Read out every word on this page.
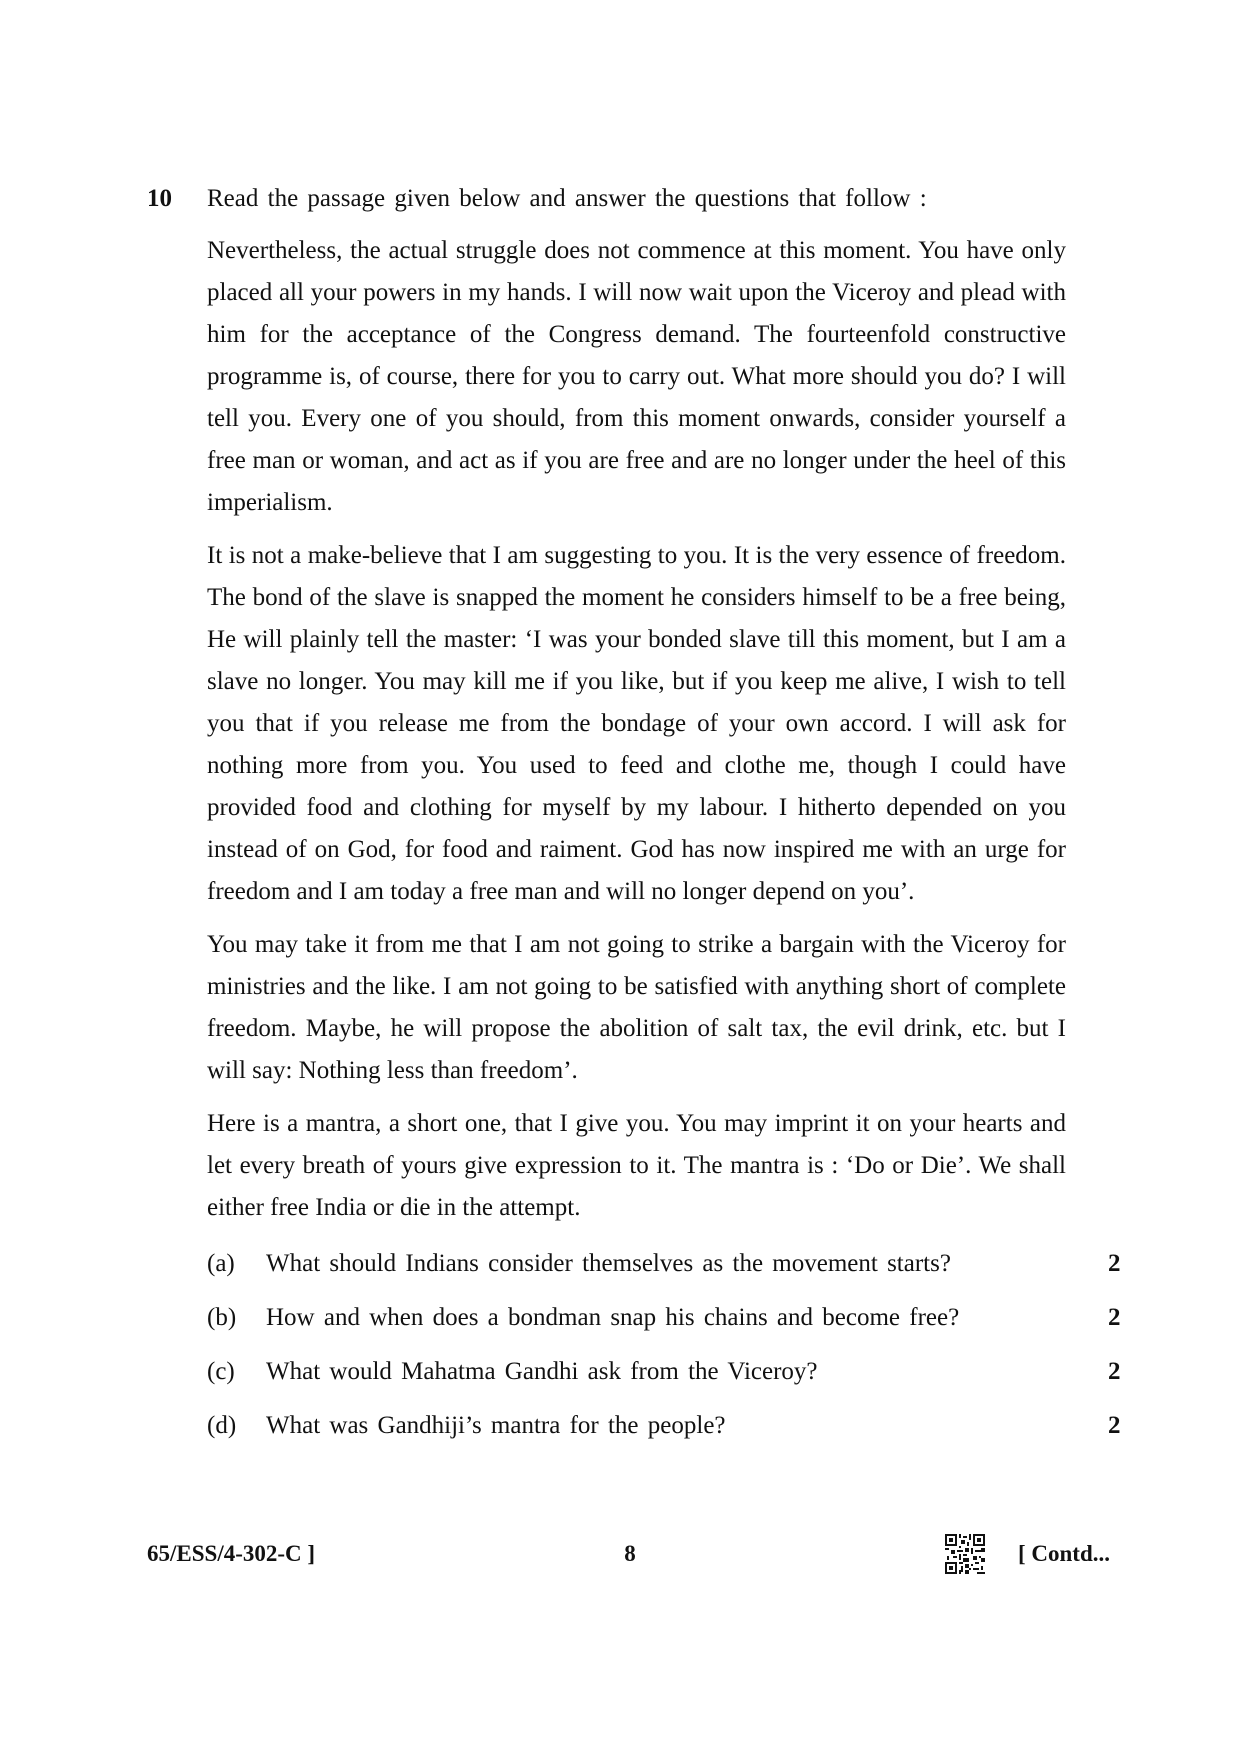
10 Read the passage given below and answer the questions that follow :

Nevertheless, the actual struggle does not commence at this moment. You have only placed all your powers in my hands. I will now wait upon the Viceroy and plead with him for the acceptance of the Congress demand. The fourteenfold constructive programme is, of course, there for you to carry out. What more should you do? I will tell you. Every one of you should, from this moment onwards, consider yourself a free man or woman, and act as if you are free and are no longer under the heel of this imperialism.

It is not a make-believe that I am suggesting to you. It is the very essence of freedom. The bond of the slave is snapped the moment he considers himself to be a free being, He will plainly tell the master: ‘I was your bonded slave till this moment, but I am a slave no longer. You may kill me if you like, but if you keep me alive, I wish to tell you that if you release me from the bondage of your own accord. I will ask for nothing more from you. You used to feed and clothe me, though I could have provided food and clothing for myself by my labour. I hitherto depended on you instead of on God, for food and raiment. God has now inspired me with an urge for freedom and I am today a free man and will no longer depend on you’.

You may take it from me that I am not going to strike a bargain with the Viceroy for ministries and the like. I am not going to be satisfied with anything short of complete freedom. Maybe, he will propose the abolition of salt tax, the evil drink, etc. but I will say: Nothing less than freedom’.

Here is a mantra, a short one, that I give you. You may imprint it on your hearts and let every breath of yours give expression to it. The mantra is : ‘Do or Die’. We shall either free India or die in the attempt.

(a) What should Indians consider themselves as the movement starts?	2
(b) How and when does a bondman snap his chains and become free?	2
(c) What would Mahatma Gandhi ask from the Viceroy?	2
(d) What was Gandhiji’s mantra for the people?	2
65/ESS/4-302-C ]	8	[ Contd...
